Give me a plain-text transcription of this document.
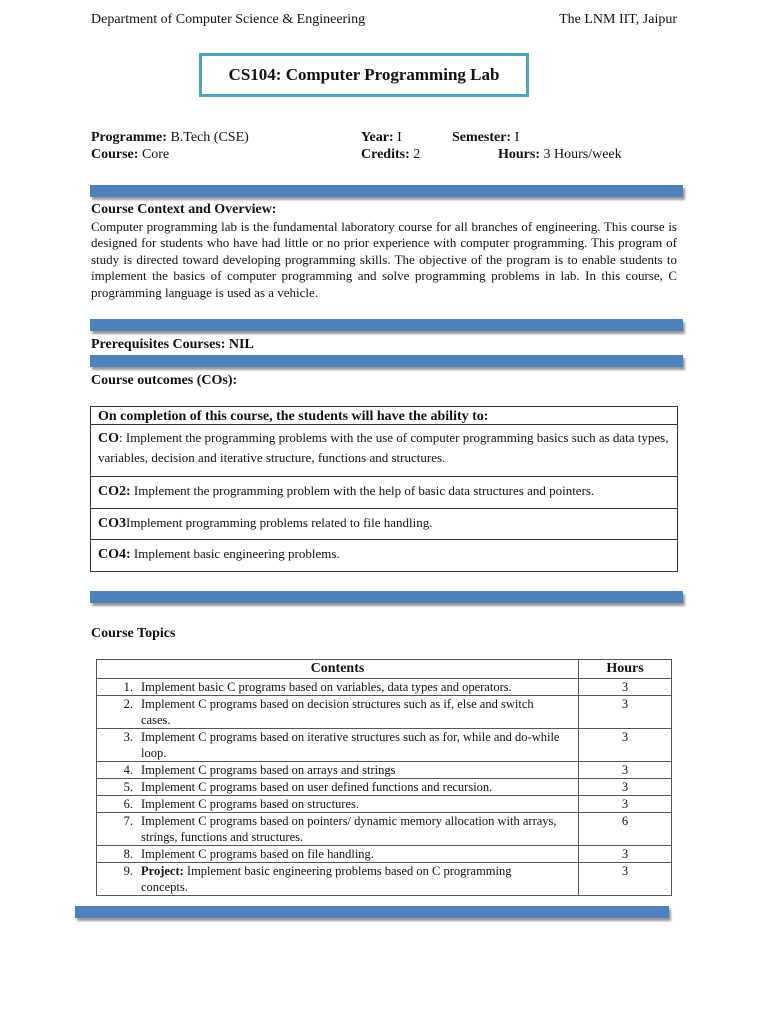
Department of Computer Science & Engineering	The LNM IIT, Jaipur
CS104: Computer Programming Lab
Programme: B.Tech (CSE)	Year: I	Semester: I
Course: Core	Credits: 2	Hours: 3 Hours/week
Course Context and Overview:
Computer programming lab is the fundamental laboratory course for all branches of engineering. This course is designed for students who have had little or no prior experience with computer programming. This program of study is directed toward developing programming skills. The objective of the program is to enable students to implement the basics of computer programming and solve programming problems in lab. In this course, C programming language is used as a vehicle.
Prerequisites Courses: NIL
Course outcomes (COs):
On completion of this course, the students will have the ability to:
CO: Implement the programming problems with the use of computer programming basics such as data types, variables, decision and iterative structure, functions and structures.
CO2: Implement the programming problem with the help of basic data structures and pointers.
CO3Implement programming problems related to file handling.
CO4: Implement basic engineering problems.
Course Topics
Contents	Hours
1. Implement basic C programs based on variables, data types and operators.	3
2. Implement C programs based on decision structures such as if, else and switch cases.	3
3. Implement C programs based on iterative structures such as for, while and do-while loop.	3
4. Implement C programs based on arrays and strings	3
5. Implement C programs based on user defined functions and recursion.	3
6. Implement C programs based on structures.	3
7. Implement C programs based on pointers/ dynamic memory allocation with arrays, strings, functions and structures.	6
8. Implement C programs based on file handling.	3
9. Project: Implement basic engineering problems based on C programming concepts.	3
